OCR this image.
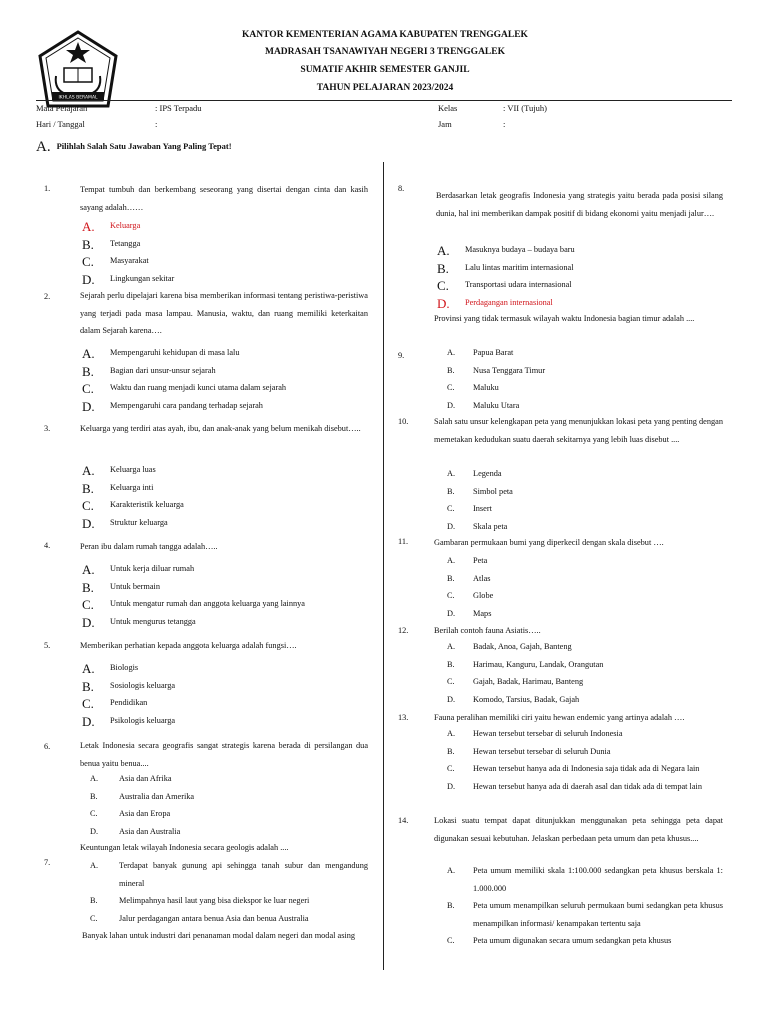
IKHLAS BERAMAL
KANTOR KEMENTERIAN AGAMA KABUPATEN TRENGGALEK
MADRASAH TSANAWIYAH NEGERI 3 TRENGGALEK
SUMATIF AKHIR SEMESTER GANJIL
TAHUN PELAJARAN 2023/2024
Mata Pelajaran	: IPS Terpadu	Kelas	: VII (Tujuh)
Hari / Tanggal	:	Jam	:
A. Pilihlah Salah Satu Jawaban Yang Paling Tepat!
1.	Tempat tumbuh dan berkembang seseorang yang disertai dengan cinta dan kasih sayang adalah……
A.	Keluarga
B.	Tetangga
C.	Masyarakat
D.	Lingkungan sekitar
2.	Sejarah perlu dipelajari karena bisa memberikan informasi tentang peristiwa-peristiwa yang terjadi pada masa lampau. Manusia, waktu, dan ruang memiliki keterkaitan dalam Sejarah karena….
A.	Mempengaruhi kehidupan di masa lalu
B.	Bagian dari unsur-unsur sejarah
C.	Waktu dan ruang menjadi kunci utama dalam sejarah
D.	Mempengaruhi cara pandang terhadap sejarah
3.	Keluarga yang terdiri atas ayah, ibu, dan anak-anak yang belum menikah disebut…..
A.	Keluarga luas
B.	Keluarga inti
C.	Karakteristik keluarga
D.	Struktur keluarga
4.	Peran ibu dalam rumah tangga adalah…..
A.	Untuk kerja diluar rumah
B.	Untuk bermain
C.	Untuk mengatur rumah dan anggota keluarga yang lainnya
D.	Untuk mengurus tetangga
5.	Memberikan perhatian kepada anggota keluarga adalah fungsi….
A.	Biologis
B.	Sosiologis keluarga
C.	Pendidikan
D.	Psikologis keluarga
6.	Letak Indonesia secara geografis sangat strategis karena berada di persilangan dua benua yaitu benua....
A.	Asia dan Afrika
B.	Australia dan Amerika
C.	Asia dan Eropa
D.	Asia dan Australia
Keuntungan letak wilayah Indonesia secara geologis adalah ....
7.	A.	Terdapat banyak gunung api sehingga tanah subur dan mengandung mineral
B.	Melimpahnya hasil laut yang bisa diekspor ke luar negeri
C.	Jalur perdagangan antara benua Asia dan benua Australia
Banyak lahan untuk industri dari penanaman modal dalam negeri dan modal asing
8.
Berdasarkan letak geografis Indonesia yang strategis yaitu berada pada posisi silang dunia, hal ini memberikan dampak positif di bidang ekonomi yaitu menjadi jalur….
A.	Masuknya budaya – budaya baru
B.	Lalu lintas maritim internasional
C.	Transportasi udara internasional
D.	Perdagangan internasional
Provinsi yang tidak termasuk wilayah waktu Indonesia bagian timur adalah ....
9.	A.	Papua Barat
B.	Nusa Tenggara Timur
C.	Maluku
D.	Maluku Utara
10.	Salah satu unsur kelengkapan peta yang menunjukkan lokasi peta yang penting dengan memetakan kedudukan suatu daerah sekitarnya yang lebih luas disebut ....
A.	Legenda
B.	Simbol peta
C.	Insert
D.	Skala peta
11.	Gambaran permukaan bumi yang diperkecil dengan skala disebut ….
A.	Peta
B.	Atlas
C.	Globe
D.	Maps
12.	Berilah contoh fauna Asiatis…..
A.	Badak, Anoa, Gajah, Banteng
B.	Harimau, Kanguru, Landak, Orangutan
C.	Gajah, Badak, Harimau, Banteng
D.	Komodo, Tarsius, Badak, Gajah
13.	Fauna peralihan memiliki ciri yaitu hewan endemic yang artinya adalah ….
A.	Hewan tersebut tersebar di seluruh Indonesia
B.	Hewan tersebut tersebar di seluruh Dunia
C.	Hewan tersebut hanya ada di Indonesia saja tidak ada di Negara lain
D.	Hewan tersebut hanya ada di daerah asal dan tidak ada di tempat lain
14.	Lokasi suatu tempat dapat ditunjukkan menggunakan peta sehingga peta dapat digunakan sesuai kebutuhan. Jelaskan perbedaan peta umum dan peta khusus....
A.	Peta umum memiliki skala 1:100.000 sedangkan peta khusus berskala 1: 1.000.000
B.	Peta umum menampilkan seluruh permukaan bumi sedangkan peta khusus menampilkan informasi/ kenampakan tertentu saja
C.	Peta umum digunakan secara umum sedangkan peta khusus
